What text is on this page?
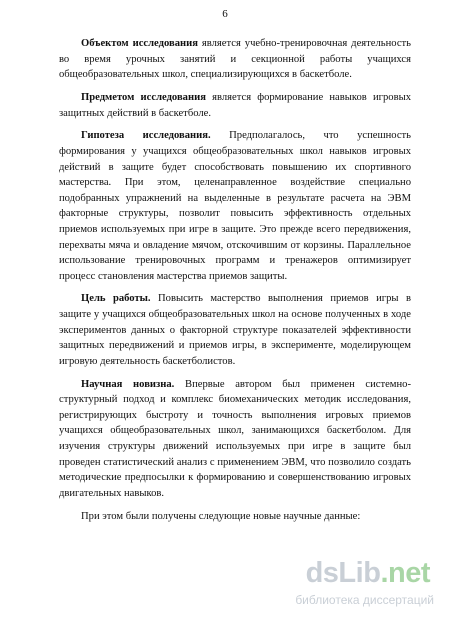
6

Объектом исследования является учебно-тренировочная деятельность во время урочных занятий и секционной работы учащихся общеобразовательных школ, специализирующихся в баскетболе.

Предметом исследования является формирование навыков игровых защитных действий в баскетболе.

Гипотеза исследования. Предполагалось, что успешность формирования у учащихся общеобразовательных школ навыков игровых действий в защите будет способствовать повышению их спортивного мастерства. При этом, целенаправленное воздействие специально подобранных упражнений на выделенные в результате расчета на ЭВМ факторные структуры, позволит повысить эффективность отдельных приемов используемых при игре в защите. Это прежде всего передвижения, перехваты мяча и овладение мячом, отскочившим от корзины. Параллельное использование тренировочных программ и тренажеров оптимизирует процесс становления мастерства приемов защиты.

Цель работы. Повысить мастерство выполнения приемов игры в защите у учащихся общеобразовательных школ на основе полученных в ходе экспериментов данных о факторной структуре показателей эффективности защитных передвижений и приемов игры, в эксперименте, моделирующем игровую деятельность баскетболистов.

Научная новизна. Впервые автором был применен системно-структурный подход и комплекс биомеханических методик исследования, регистрирующих быстроту и точность выполнения игровых приемов учащихся общеобразовательных школ, занимающихся баскетболом. Для изучения структуры движений используемых при игре в защите был проведен статистический анализ с применением ЭВМ, что позволило создать методические предпосылки к формированию и совершенствованию игровых двигательных навыков.

При этом были получены следующие новые научные данные:

dsLib.net
библиотека диссертаций
